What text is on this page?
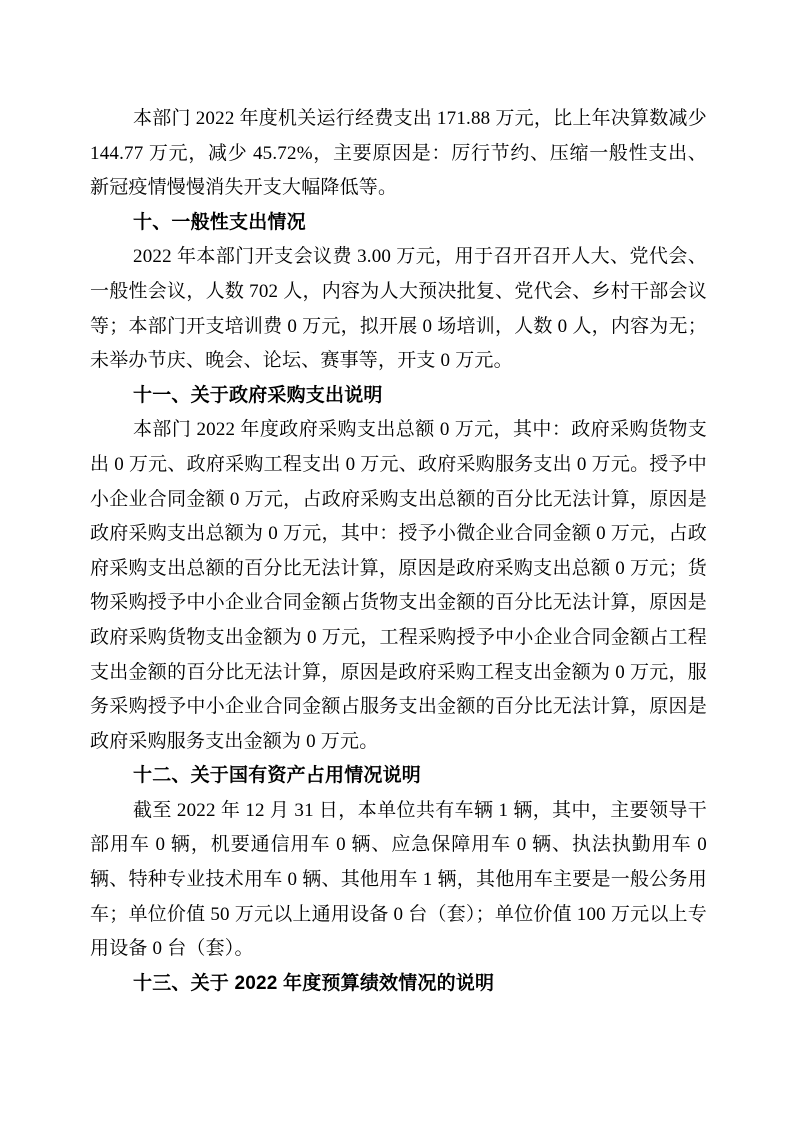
本部门 2022 年度机关运行经费支出 171.88 万元，比上年决算数减少 144.77 万元，减少 45.72%，主要原因是：厉行节约、压缩一般性支出、新冠疫情慢慢消失开支大幅降低等。

十、一般性支出情况

2022 年本部门开支会议费 3.00 万元，用于召开召开人大、党代会、一般性会议，人数 702 人，内容为人大预决批复、党代会、乡村干部会议等；本部门开支培训费 0 万元，拟开展 0 场培训，人数 0 人，内容为无；未举办节庆、晚会、论坛、赛事等，开支 0 万元。

十一、关于政府采购支出说明

本部门 2022 年度政府采购支出总额 0 万元，其中：政府采购货物支出 0 万元、政府采购工程支出 0 万元、政府采购服务支出 0 万元。授予中小企业合同金额 0 万元，占政府采购支出总额的百分比无法计算，原因是政府采购支出总额为 0 万元，其中：授予小微企业合同金额 0 万元，占政府采购支出总额的百分比无法计算，原因是政府采购支出总额 0 万元；货物采购授予中小企业合同金额占货物支出金额的百分比无法计算，原因是政府采购货物支出金额为 0 万元，工程采购授予中小企业合同金额占工程支出金额的百分比无法计算，原因是政府采购工程支出金额为 0 万元，服务采购授予中小企业合同金额占服务支出金额的百分比无法计算，原因是政府采购服务支出金额为 0 万元。

十二、关于国有资产占用情况说明

截至 2022 年 12 月 31 日，本单位共有车辆 1 辆，其中，主要领导干部用车 0 辆，机要通信用车 0 辆、应急保障用车 0 辆、执法执勤用车 0 辆、特种专业技术用车 0 辆、其他用车 1 辆，其他用车主要是一般公务用车；单位价值 50 万元以上通用设备 0 台（套）；单位价值 100 万元以上专用设备 0 台（套）。

十三、关于 2022 年度预算绩效情况的说明
